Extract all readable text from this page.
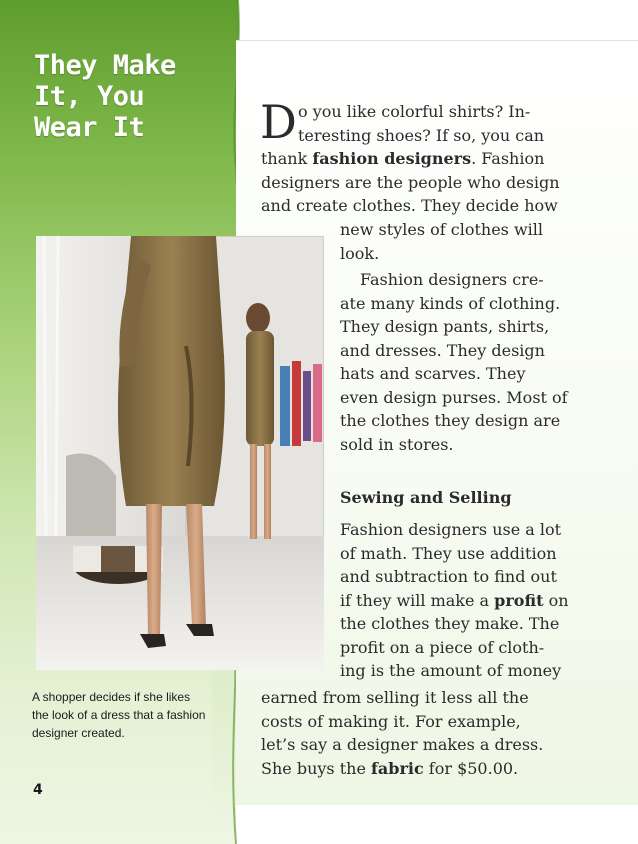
They Make
It, You
Wear It

A shopper decides if she likes the look of a dress that a fashion designer created.

4
D o you like colorful shirts? In-
teresting shoes? If so, you can

thank fashion designers. Fashion
designers are the people who design
and create clothes. They decide how

new styles of clothes will
look.

Fashion designers cre-
ate many kinds of clothing.
They design pants, shirts,
and dresses. They design
hats and scarves. They
even design purses. Most of
the clothes they design are
sold in stores.

Sewing and Selling

Fashion designers use a lot
of math. They use addition
and subtraction to find out
if they will make a profit on
the clothes they make. The
profit on a piece of cloth-
ing is the amount of money

earned from selling it less all the
costs of making it. For example,
let’s say a designer makes a dress.
She buys the fabric for $50.00.
